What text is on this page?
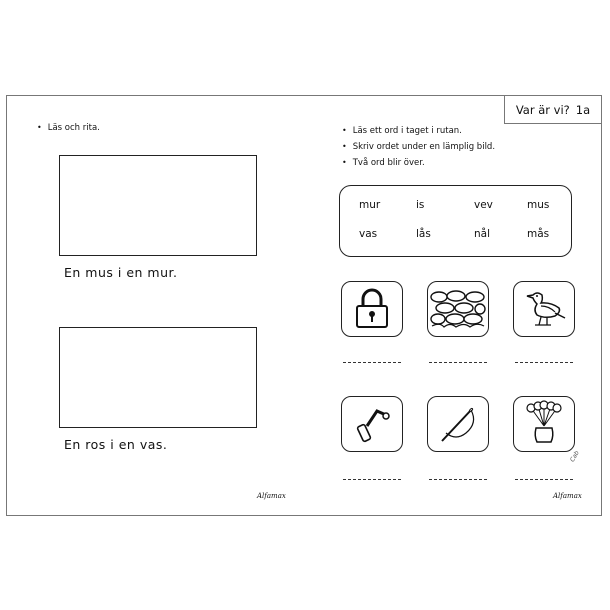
Var är vi? 1a
• Läs och rita.
En mus i en mur.
En ros i en vas.
Alfamax
• Läs ett ord i taget i rutan.
• Skriv ordet under en lämplig bild.
• Två ord blir över.
mur	is	vev	mus
vas	lås	nål	mås
Cab
Alfamax
